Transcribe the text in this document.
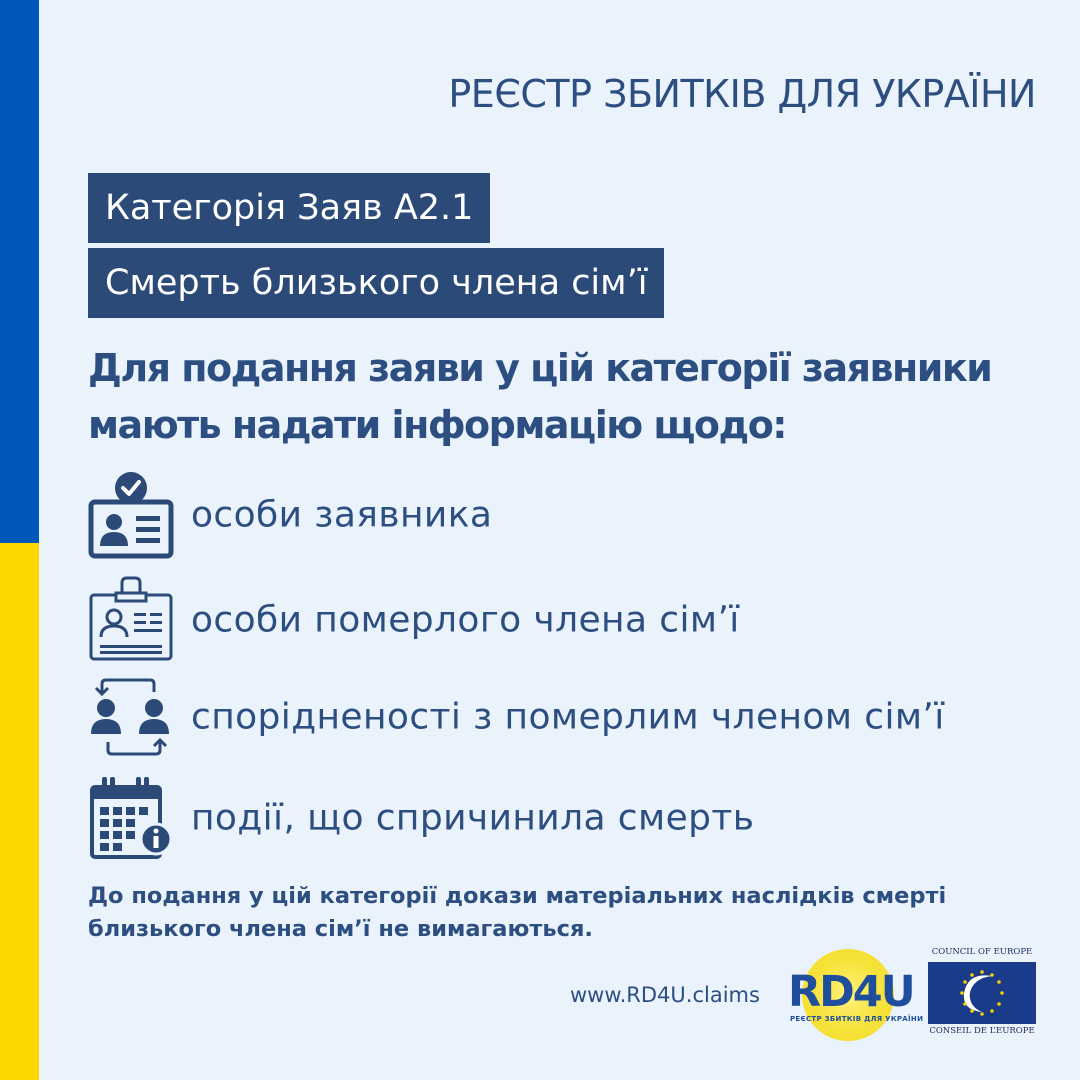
РЕЄСТР ЗБИТКІВ ДЛЯ УКРАЇНИ
Категорія Заяв А2.1
Смерть близького члена сім’ї
Для подання заяви у цій категорії заявники
мають надати інформацію щодо:
особи заявника
особи померлого члена сім’ї
спорідненості з померлим членом сім’ї
події, що спричинила смерть
До подання у цій категорії докази матеріальних наслідків смерті
близького члена сім’ї не вимагаються.
www.RD4U.claims RD4U
РЕЄСТР ЗБИТКІВ ДЛЯ УКРАЇНИ
COUNCIL OF EUROPE
CONSEIL DE L’EUROPE
